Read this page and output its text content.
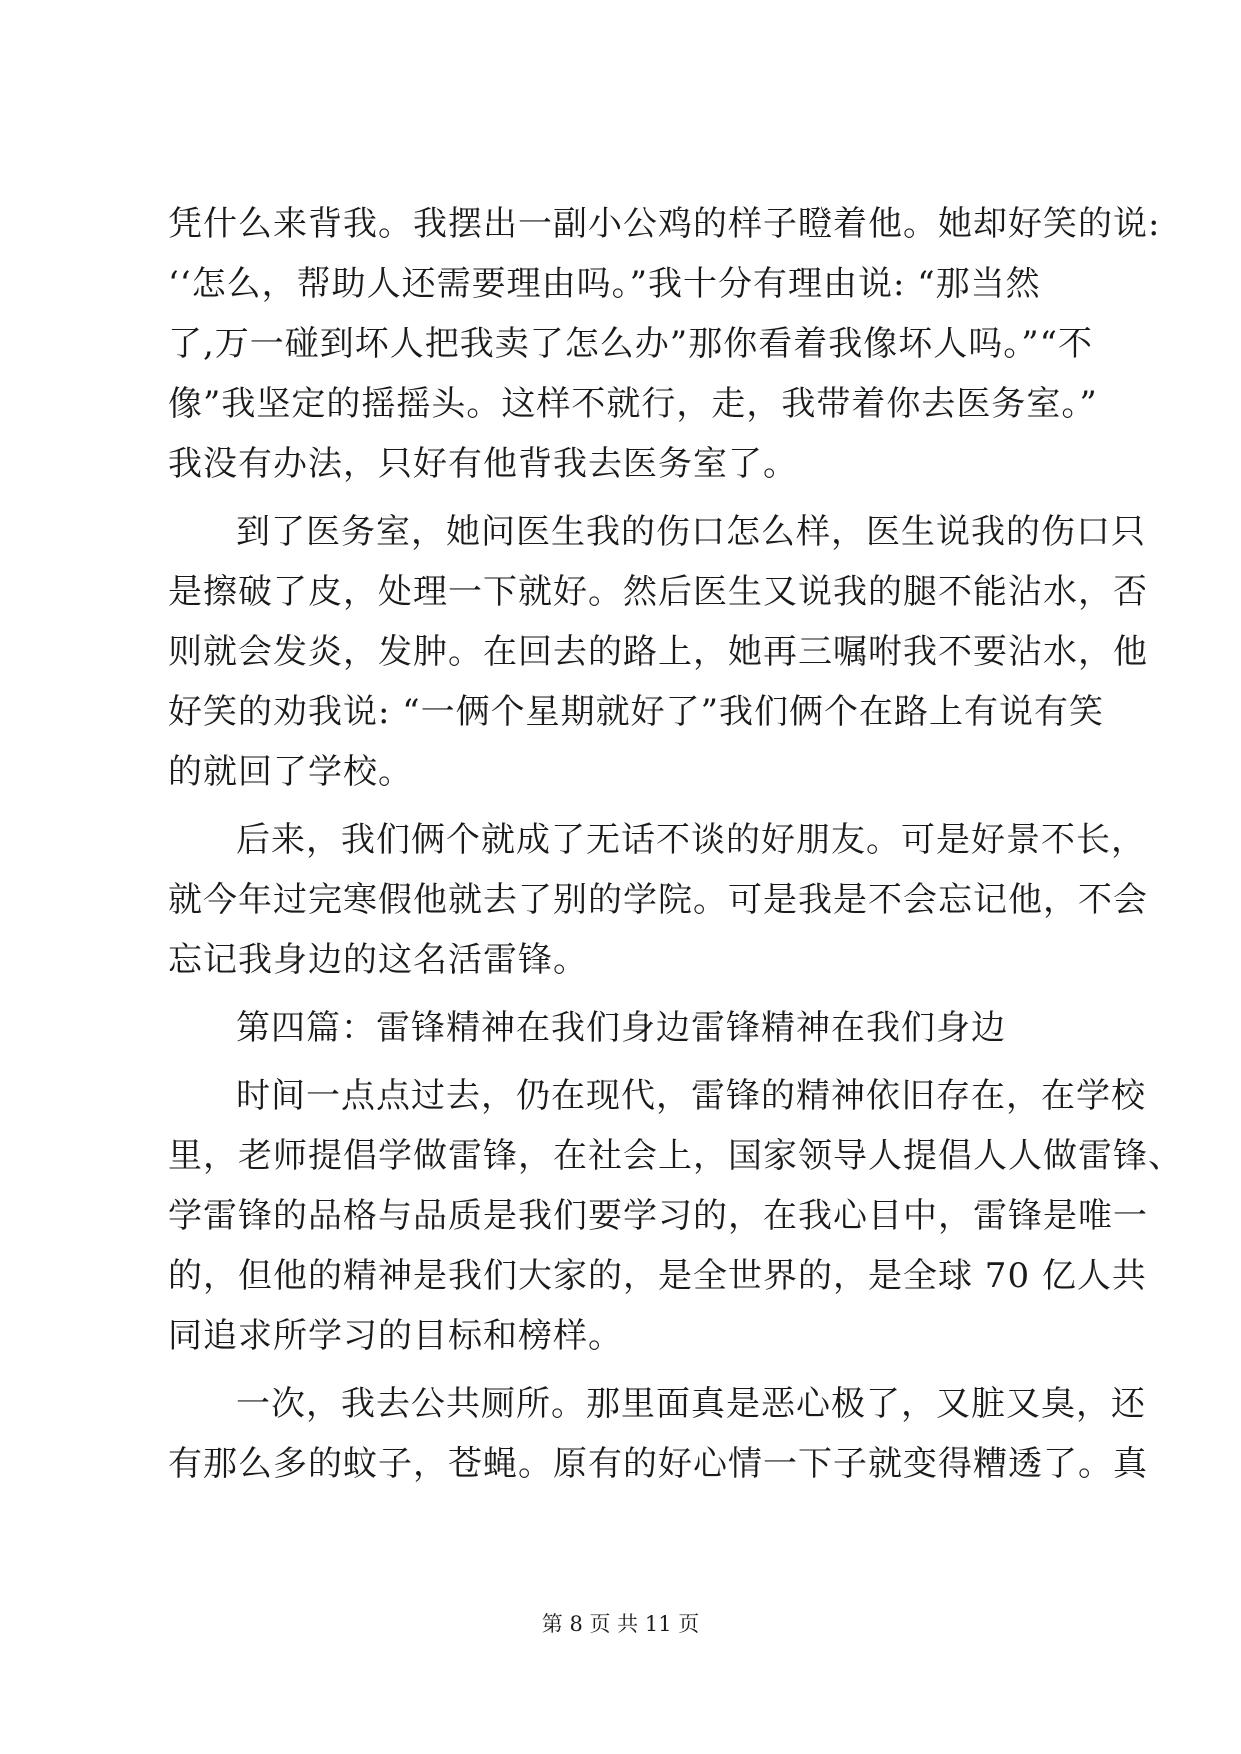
凭什么来背我。我摆出一副小公鸡的样子瞪着他。她却好笑的说:
‘‘怎么，帮助人还需要理由吗。”我十分有理由说: “那当然
了,万一碰到坏人把我卖了怎么办”那你看着我像坏人吗。”“不
像”我坚定的摇摇头。这样不就行，走，我带着你去医务室。”
我没有办法，只好有他背我去医务室了。
到了医务室，她问医生我的伤口怎么样，医生说我的伤口只
是擦破了皮，处理一下就好。然后医生又说我的腿不能沾水，否
则就会发炎，发肿。在回去的路上，她再三嘱咐我不要沾水，他
好笑的劝我说: “一俩个星期就好了”我们俩个在路上有说有笑
的就回了学校。
后来，我们俩个就成了无话不谈的好朋友。可是好景不长，
就今年过完寒假他就去了别的学院。可是我是不会忘记他，不会
忘记我身边的这名活雷锋。
第四篇：雷锋精神在我们身边雷锋精神在我们身边
时间一点点过去，仍在现代，雷锋的精神依旧存在，在学校
里，老师提倡学做雷锋，在社会上，国家领导人提倡人人做雷锋、
学雷锋的品格与品质是我们要学习的，在我心目中，雷锋是唯一
的，但他的精神是我们大家的，是全世界的，是全球 70 亿人共
同追求所学习的目标和榜样。
一次，我去公共厕所。那里面真是恶心极了，又脏又臭，还
有那么多的蚊子，苍蝇。原有的好心情一下子就变得糟透了。真
第 8 页 共 11 页
